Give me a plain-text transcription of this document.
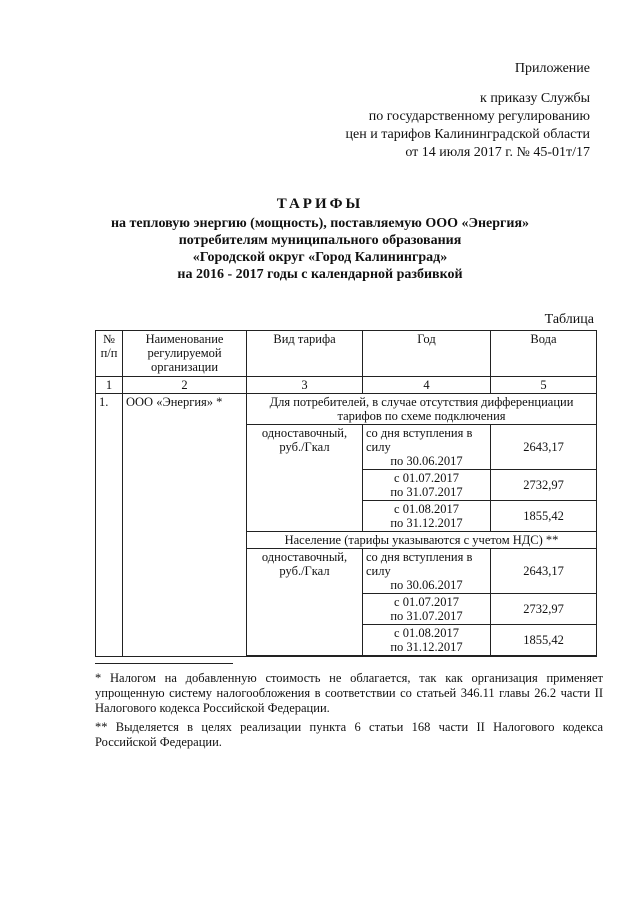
Приложение
к приказу Службы
по государственному регулированию
цен и тарифов Калининградской области
от 14 июля 2017 г. № 45-01т/17
ТАРИФЫ
на тепловую энергию (мощность), поставляемую ООО «Энергия»
потребителям муниципального образования
«Городской округ «Город Калининград»
на 2016 - 2017 годы с календарной разбивкой
Таблица
№ п/п	Наименование регулируемой организации	Вид тарифа	Год	Вода
1	2	3	4	5
1.	ООО «Энергия» *	Для потребителей, в случае отсутствия дифференциации тарифов по схеме подключения		
		одноставочный, руб./Гкал	со дня вступления в силу
по 30.06.2017	2643,17

			с 01.07.2017
по 31.07.2017	2732,97

			с 01.08.2017
по 31.12.2017	1855,42
		Население (тарифы указываются с учетом НДС) **		
		одноставочный, руб./Гкал	со дня вступления в силу
по 30.06.2017	2643,17

			с 01.07.2017
по 31.07.2017	2732,97

			с 01.08.2017
по 31.12.2017	1855,42

* Налогом на добавленную стоимость не облагается, так как организация применяет упрощенную систему налогообложения в соответствии со статьей 346.11 главы 26.2 части II Налогового кодекса Российской Федерации.

** Выделяется в целях реализации пункта 6 статьи 168 части II Налогового кодекса Российской Федерации.
